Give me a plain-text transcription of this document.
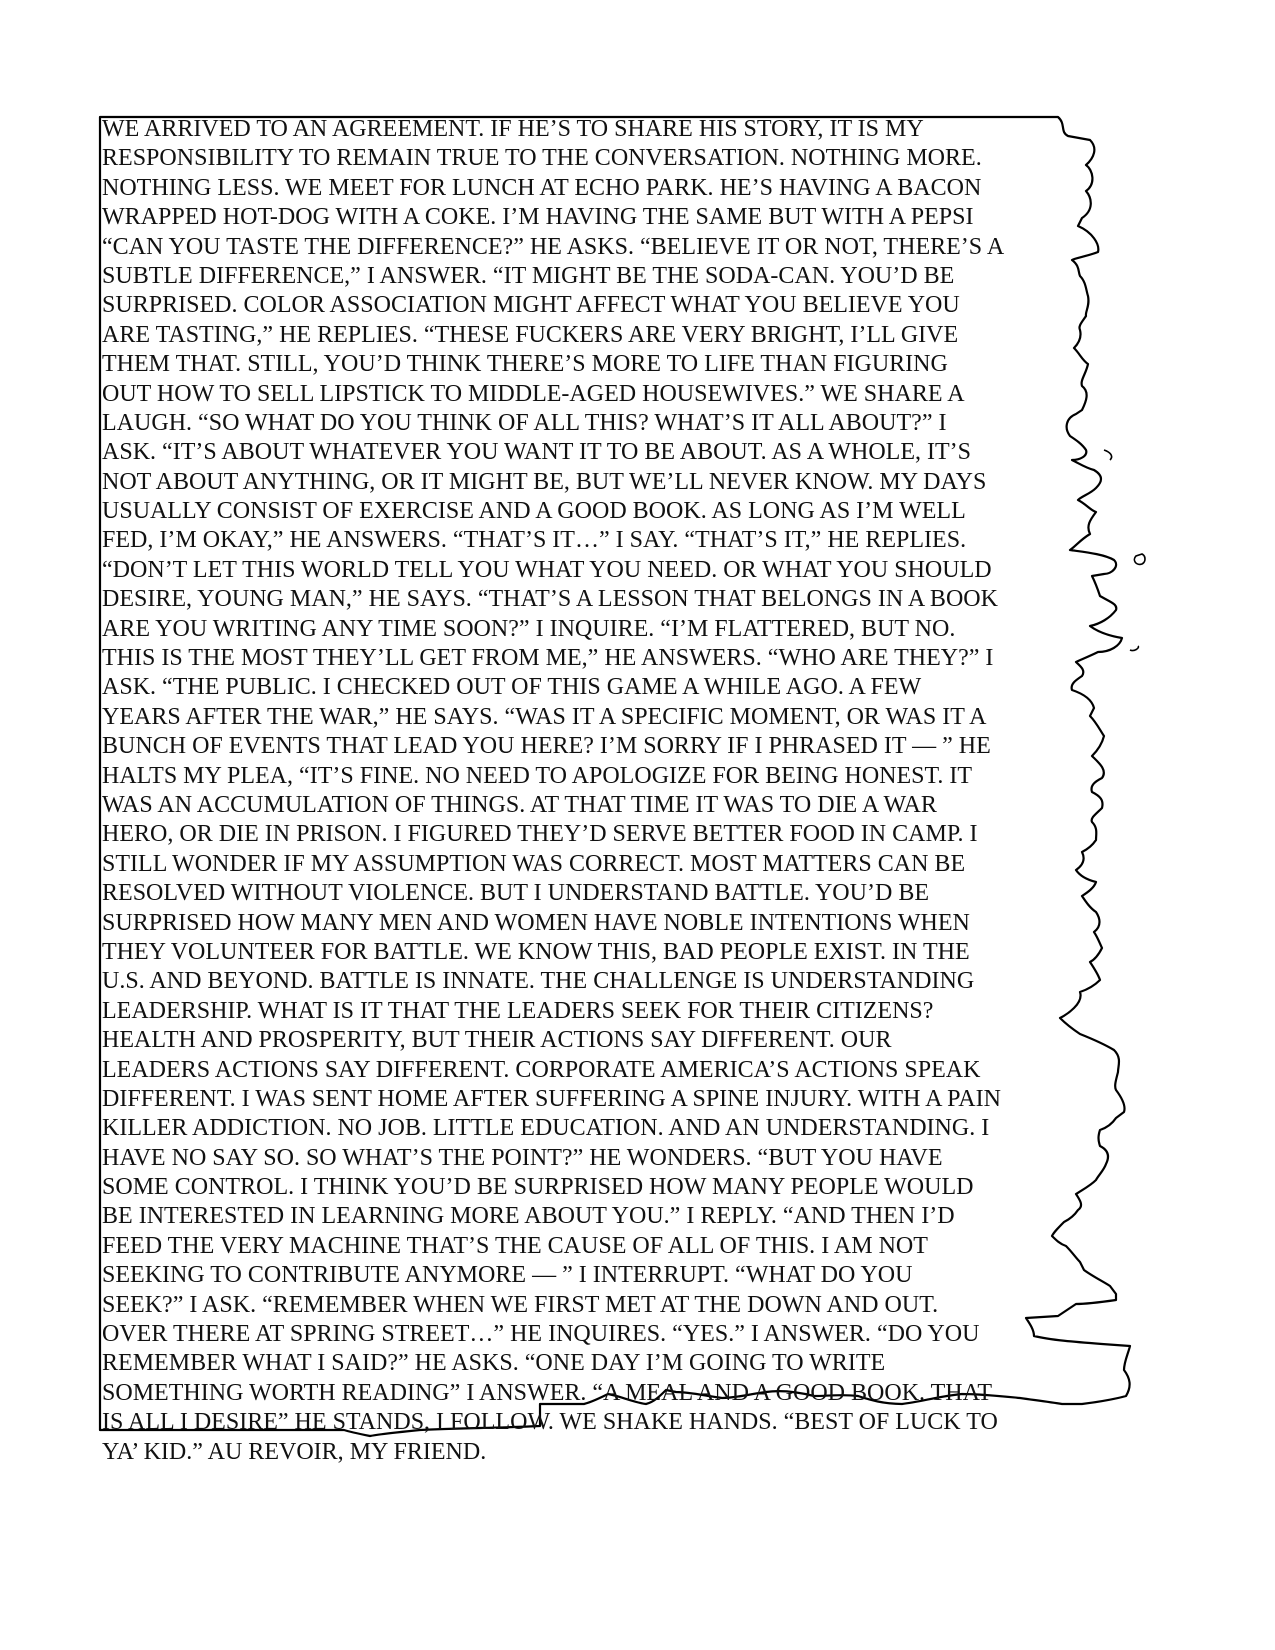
WE ARRIVED TO AN AGREEMENT. IF HE’S TO SHARE HIS STORY, IT IS MY
RESPONSIBILITY TO REMAIN TRUE TO THE CONVERSATION. NOTHING MORE.
NOTHING LESS. WE MEET FOR LUNCH AT ECHO PARK. HE’S HAVING A BACON
WRAPPED HOT-DOG WITH A COKE. I’M HAVING THE SAME BUT WITH A PEPSI
“CAN YOU TASTE THE DIFFERENCE?” HE ASKS. “BELIEVE IT OR NOT, THERE’S A
SUBTLE DIFFERENCE,” I ANSWER. “IT MIGHT BE THE SODA-CAN. YOU’D BE
SURPRISED. COLOR ASSOCIATION MIGHT AFFECT WHAT YOU BELIEVE YOU
ARE TASTING,” HE REPLIES. “THESE FUCKERS ARE VERY BRIGHT, I’LL GIVE
THEM THAT. STILL, YOU’D THINK THERE’S MORE TO LIFE THAN FIGURING
OUT HOW TO SELL LIPSTICK TO MIDDLE-AGED HOUSEWIVES.” WE SHARE A
LAUGH. “SO WHAT DO YOU THINK OF ALL THIS? WHAT’S IT ALL ABOUT?” I
ASK. “IT’S ABOUT WHATEVER YOU WANT IT TO BE ABOUT. AS A WHOLE, IT’S
NOT ABOUT ANYTHING, OR IT MIGHT BE, BUT WE’LL NEVER KNOW. MY DAYS
USUALLY CONSIST OF EXERCISE AND A GOOD BOOK. AS LONG AS I’M WELL
FED, I’M OKAY,” HE ANSWERS. “THAT’S IT…” I SAY. “THAT’S IT,” HE REPLIES.
“DON’T LET THIS WORLD TELL YOU WHAT YOU NEED. OR WHAT YOU SHOULD
DESIRE, YOUNG MAN,” HE SAYS. “THAT’S A LESSON THAT BELONGS IN A BOOK
ARE YOU WRITING ANY TIME SOON?” I INQUIRE. “I’M FLATTERED, BUT NO.
THIS IS THE MOST THEY’LL GET FROM ME,” HE ANSWERS. “WHO ARE THEY?” I
ASK. “THE PUBLIC. I CHECKED OUT OF THIS GAME A WHILE AGO. A FEW
YEARS AFTER THE WAR,” HE SAYS. “WAS IT A SPECIFIC MOMENT, OR WAS IT A
BUNCH OF EVENTS THAT LEAD YOU HERE? I’M SORRY IF I PHRASED IT — ” HE
HALTS MY PLEA, “IT’S FINE. NO NEED TO APOLOGIZE FOR BEING HONEST. IT
WAS AN ACCUMULATION OF THINGS. AT THAT TIME IT WAS TO DIE A WAR
HERO, OR DIE IN PRISON. I FIGURED THEY’D SERVE BETTER FOOD IN CAMP. I
STILL WONDER IF MY ASSUMPTION WAS CORRECT. MOST MATTERS CAN BE
RESOLVED WITHOUT VIOLENCE. BUT I UNDERSTAND BATTLE. YOU’D BE
SURPRISED HOW MANY MEN AND WOMEN HAVE NOBLE INTENTIONS WHEN
THEY VOLUNTEER FOR BATTLE. WE KNOW THIS, BAD PEOPLE EXIST. IN THE
U.S. AND BEYOND. BATTLE IS INNATE. THE CHALLENGE IS UNDERSTANDING
LEADERSHIP. WHAT IS IT THAT THE LEADERS SEEK FOR THEIR CITIZENS?
HEALTH AND PROSPERITY, BUT THEIR ACTIONS SAY DIFFERENT. OUR
LEADERS ACTIONS SAY DIFFERENT. CORPORATE AMERICA’S ACTIONS SPEAK
DIFFERENT. I WAS SENT HOME AFTER SUFFERING A SPINE INJURY. WITH A PAIN
KILLER ADDICTION. NO JOB. LITTLE EDUCATION. AND AN UNDERSTANDING. I
HAVE NO SAY SO. SO WHAT’S THE POINT?” HE WONDERS. “BUT YOU HAVE
SOME CONTROL. I THINK YOU’D BE SURPRISED HOW MANY PEOPLE WOULD
BE INTERESTED IN LEARNING MORE ABOUT YOU.” I REPLY. “AND THEN I’D
FEED THE VERY MACHINE THAT’S THE CAUSE OF ALL OF THIS. I AM NOT
SEEKING TO CONTRIBUTE ANYMORE — ” I INTERRUPT. “WHAT DO YOU
SEEK?” I ASK. “REMEMBER WHEN WE FIRST MET AT THE DOWN AND OUT.
OVER THERE AT SPRING STREET…” HE INQUIRES. “YES.” I ANSWER. “DO YOU
REMEMBER WHAT I SAID?” HE ASKS. “ONE DAY I’M GOING TO WRITE
SOMETHING WORTH READING” I ANSWER. “A MEAL AND A GOOD BOOK. THAT
IS ALL I DESIRE” HE STANDS, I FOLLOW. WE SHAKE HANDS. “BEST OF LUCK TO
YA’ KID.” AU REVOIR, MY FRIEND.
